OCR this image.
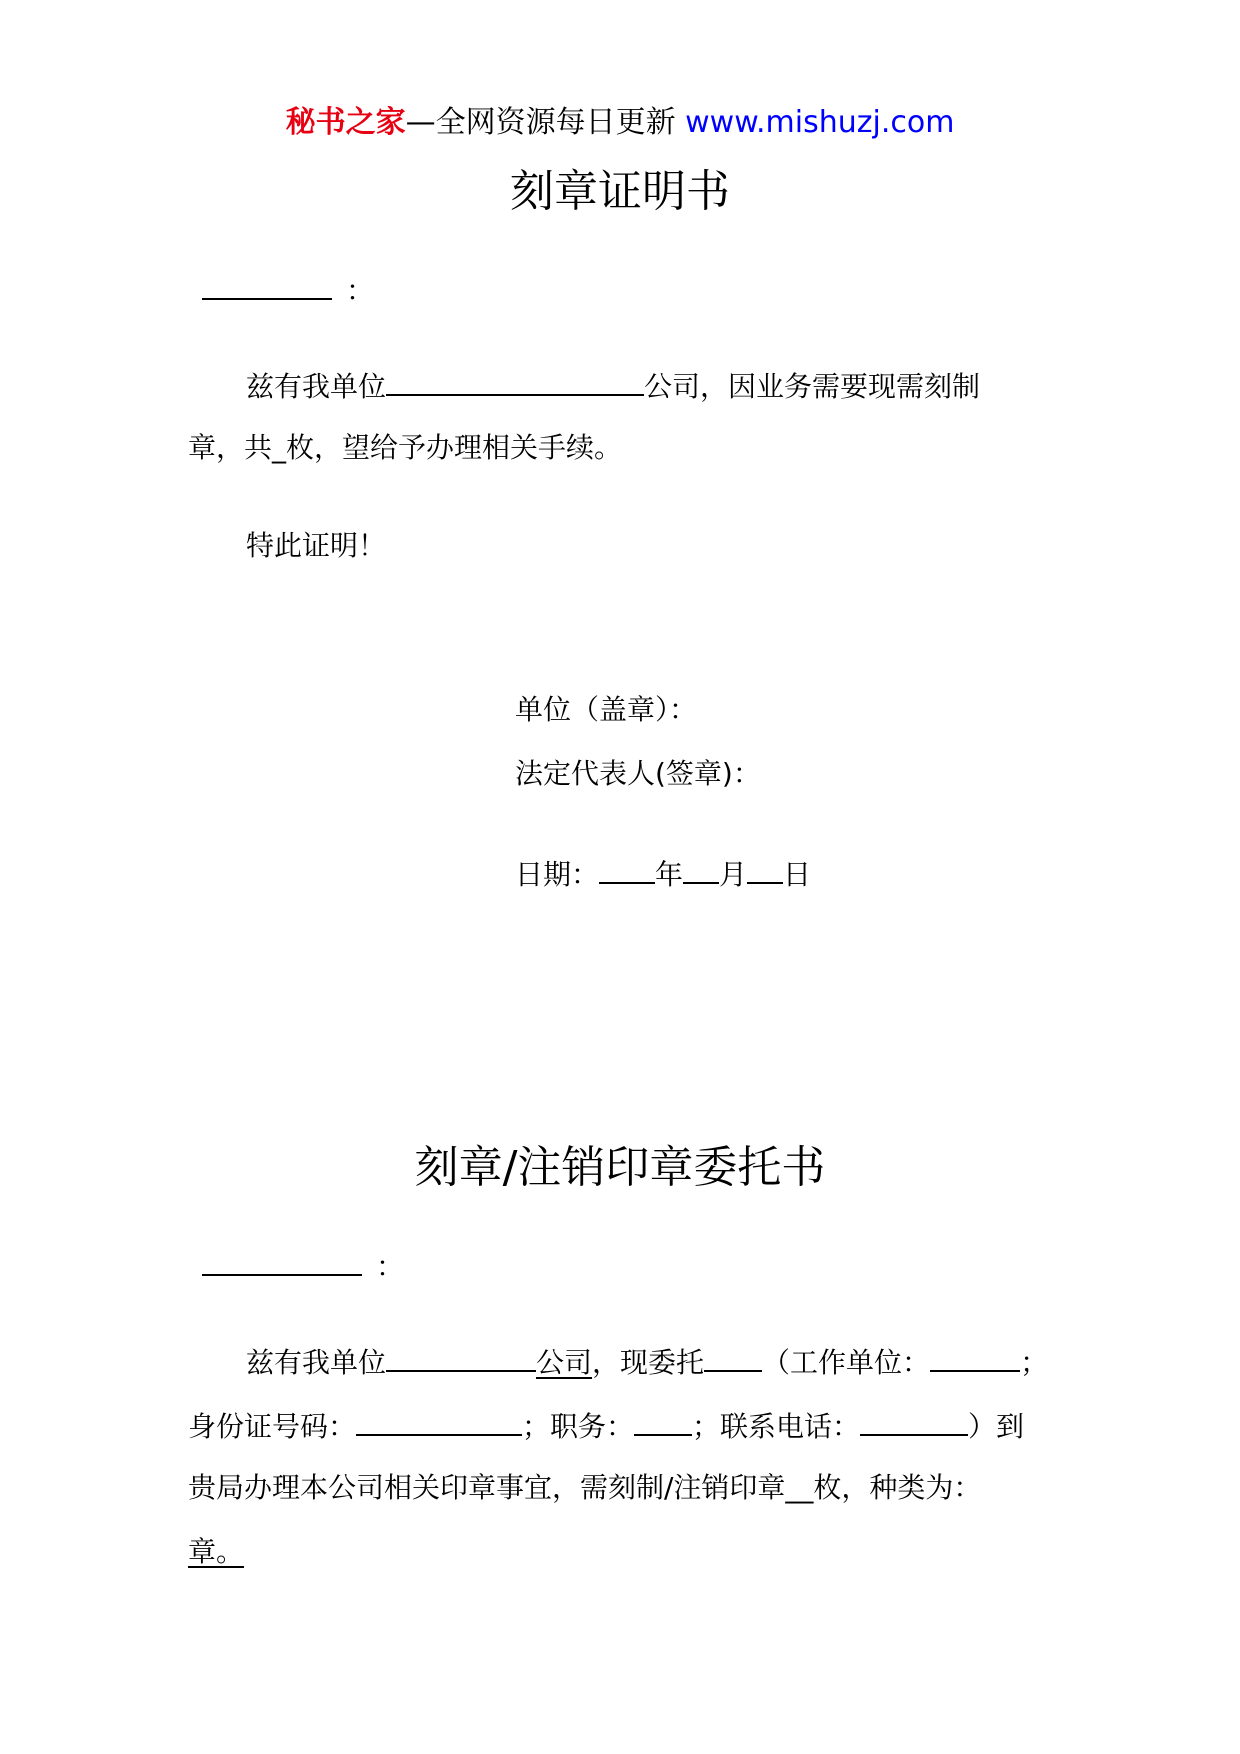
秘书之家—全网资源每日更新 www.mishuzj.com
刻章证明书
：
兹有我单位	公司，因业务需要现需刻制
章，共_枚，望给予办理相关手续。
特此证明！
单位（盖章）：
法定代表人(签章)：
日期： 年 月 日
刻章/注销印章委托书
：
兹有我单位	公司，现委托 （工作单位：	；
身份证号码：	；职务： ；联系电话：	）到
贵局办理本公司相关印章事宜，需刻制/注销印章__枚，种类为：
章。
